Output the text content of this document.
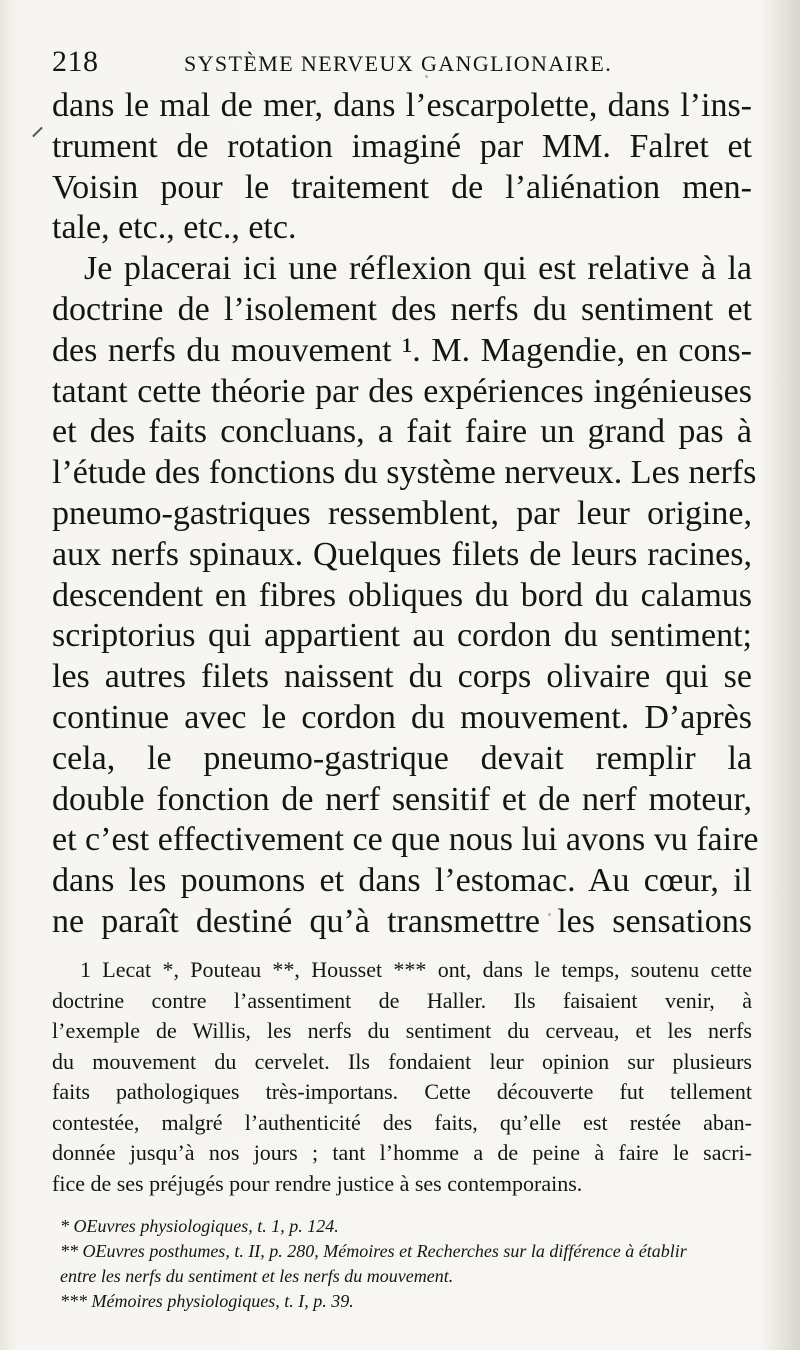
218	SYSTÈME NERVEUX GANGLIONAIRE.
dans le mal de mer, dans l’escarpolette, dans l’ins-
trument de rotation imaginé par MM. Falret et
Voisin pour le traitement de l’aliénation men-
tale, etc., etc., etc.
Je placerai ici une réflexion qui est relative à la
doctrine de l’isolement des nerfs du sentiment et
des nerfs du mouvement ¹. M. Magendie, en cons-
tatant cette théorie par des expériences ingénieuses
et des faits concluans, a fait faire un grand pas à
l’étude des fonctions du système nerveux. Les nerfs
pneumo-gastriques ressemblent, par leur origine,
aux nerfs spinaux. Quelques filets de leurs racines,
descendent en fibres obliques du bord du calamus
scriptorius qui appartient au cordon du sentiment;
les autres filets naissent du corps olivaire qui se
continue avec le cordon du mouvement. D’après
cela, le pneumo-gastrique devait remplir la
double fonction de nerf sensitif et de nerf moteur,
et c’est effectivement ce que nous lui avons vu faire
dans les poumons et dans l’estomac. Au cœur, il
ne paraît destiné qu’à transmettre les sensations
1 Lecat *, Pouteau **, Housset *** ont, dans le temps, soutenu cette
doctrine contre l’assentiment de Haller. Ils faisaient venir, à
l’exemple de Willis, les nerfs du sentiment du cerveau, et les nerfs
du mouvement du cervelet. Ils fondaient leur opinion sur plusieurs
faits pathologiques très-importans. Cette découverte fut tellement
contestée, malgré l’authenticité des faits, qu’elle est restée aban-
donnée jusqu’à nos jours ; tant l’homme a de peine à faire le sacri-
fice de ses préjugés pour rendre justice à ses contemporains.
* OEuvres physiologiques, t. 1, p. 124.
** OEuvres posthumes, t. II, p. 280, Mémoires et Recherches sur la différence à établir
entre les nerfs du sentiment et les nerfs du mouvement.
*** Mémoires physiologiques, t. I, p. 39.
